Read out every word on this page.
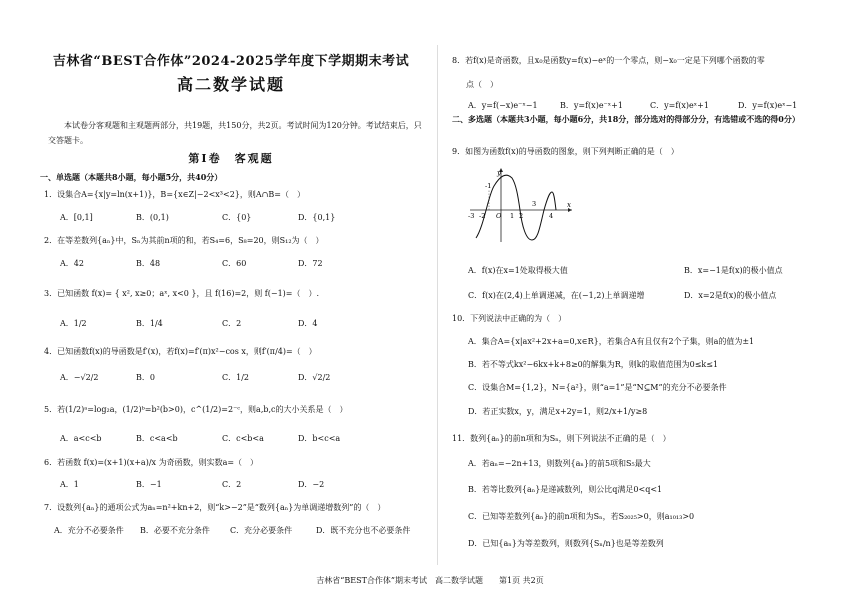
吉林省“BEST合作体”2024-2025学年度下学期期末考试
高二数学试题
本试卷分客观题和主观题两部分，共19题，共150分，共2页。考试时间为120分钟。考试结束后，只交答题卡。
第Ⅰ卷　客观题
一、单选题（本题共8小题，每小题5分，共40分）
1．设集合A={x|y=ln(x+1)}，B={x∈Z|−2<x³<2}，则A∩B=（　）
A．[0,1]	B．(0,1)	C．{0}	D．{0,1}
2．在等差数列{aₙ}中，Sₙ为其前n项的和，若S₄=6，S₈=20，则S₁₂为（　）
A．42	B．48	C．60	D．72
3．已知函数 f(x)= { x², x≥0；aˣ, x<0 }，且 f(16)=2，则 f(−1)=（　）.
A．1/2	B．1/4	C．2	D．4
4．已知函数f(x)的导函数是f′(x)，若f(x)=f′(π)x²−cos x，则f′(π/4)=（　）
A．−√2/2	B．0	C．1/2	D．√2/2
5．若(1/2)ᵃ=log₂a，(1/2)ᵇ=b²(b>0)，c^(1/2)=2⁻ᶜ，则a,b,c的大小关系是（　）
A．a<c<b	B．c<a<b	C．c<b<a	D．b<c<a
6．若函数 f(x)=(x+1)(x+a)/x 为奇函数，则实数a=（　）
A．1	B．−1	C．2	D．−2
7．设数列{aₙ}的通项公式为aₙ=n²+kn+2，则“k>−2”是“数列{aₙ}为单调递增数列”的（　）
A．充分不必要条件	B．必要不充分条件	C．充分必要条件	D．既不充分也不必要条件
8．若f(x)是奇函数，且x₀是函数y=f(x)−eˣ的一个零点，则−x₀一定是下列哪个函数的零
点（　）
A．y=f(−x)e⁻ˣ−1	B．y=f(x)e⁻ˣ+1	C．y=f(x)eˣ+1	D．y=f(x)eˣ−1
二、多选题（本题共3小题，每小题6分，共18分，部分选对的得部分分，有选错或不选的得0分）
9．如图为函数f(x)的导函数的图象，则下列判断正确的是（　）
y
x
-3 -2 O 1 2	4
-1
3
A．f(x)在x=1处取得极大值	B．x=−1是f(x)的极小值点
C．f(x)在(2,4)上单调递减，在(−1,2)上单调递增	D．x=2是f(x)的极小值点
10．下列说法中正确的为（　）
A．集合A={x|ax²+2x+a=0,x∈R}，若集合A有且仅有2个子集，则a的值为±1
B．若不等式kx²−6kx+k+8≥0的解集为R，则k的取值范围为0≤k≤1
C．设集合M={1,2}，N={a²}，则“a=1”是“N⊆M”的充分不必要条件
D．若正实数x，y，满足x+2y=1，则2/x+1/y≥8
11．数列{aₙ}的前n项和为Sₙ，则下列说法不正确的是（　）
A．若aₙ=−2n+13，则数列{aₙ}的前5项和S₅最大
B．若等比数列{aₙ}是递减数列，则公比q满足0<q<1
C．已知等差数列{aₙ}的前n项和为Sₙ，若S₂₀₂₅>0，则a₁₀₁₃>0
D．已知{aₙ}为等差数列，则数列{Sₙ/n}也是等差数列
吉林省“BEST合作体”期末考试　高二数学试题　　第1页 共2页
